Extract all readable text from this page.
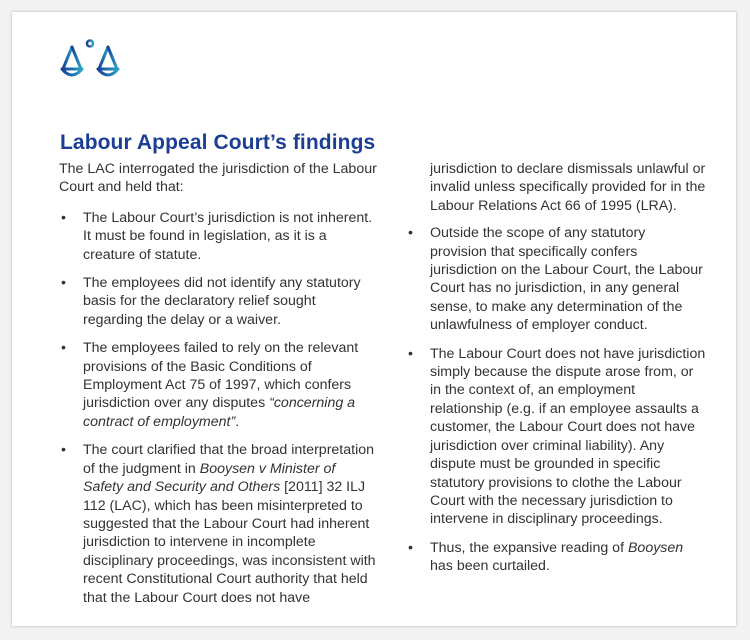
Labour Appeal Court’s findings

The LAC interrogated the jurisdiction of the Labour Court and held that:

• The Labour Court’s jurisdiction is not inherent. It must be found in legislation, as it is a creature of statute.
• The employees did not identify any statutory basis for the declaratory relief sought regarding the delay or a waiver.
• The employees failed to rely on the relevant provisions of the Basic Conditions of Employment Act 75 of 1997, which confers jurisdiction over any disputes “concerning a contract of employment”.
• The court clarified that the broad interpretation of the judgment in Booysen v Minister of Safety and Security and Others [2011] 32 ILJ 112 (LAC), which has been misinterpreted to suggested that the Labour Court had inherent jurisdiction to intervene in incomplete disciplinary proceedings, was inconsistent with recent Constitutional Court authority that held that the Labour Court does not have

jurisdiction to declare dismissals unlawful or invalid unless specifically provided for in the Labour Relations Act 66 of 1995 (LRA).

• Outside the scope of any statutory provision that specifically confers jurisdiction on the Labour Court, the Labour Court has no jurisdiction, in any general sense, to make any determination of the unlawfulness of employer conduct.
• The Labour Court does not have jurisdiction simply because the dispute arose from, or in the context of, an employment relationship (e.g. if an employee assaults a customer, the Labour Court does not have jurisdiction over criminal liability). Any dispute must be grounded in specific statutory provisions to clothe the Labour Court with the necessary jurisdiction to intervene in disciplinary proceedings.
• Thus, the expansive reading of Booysen has been curtailed.
